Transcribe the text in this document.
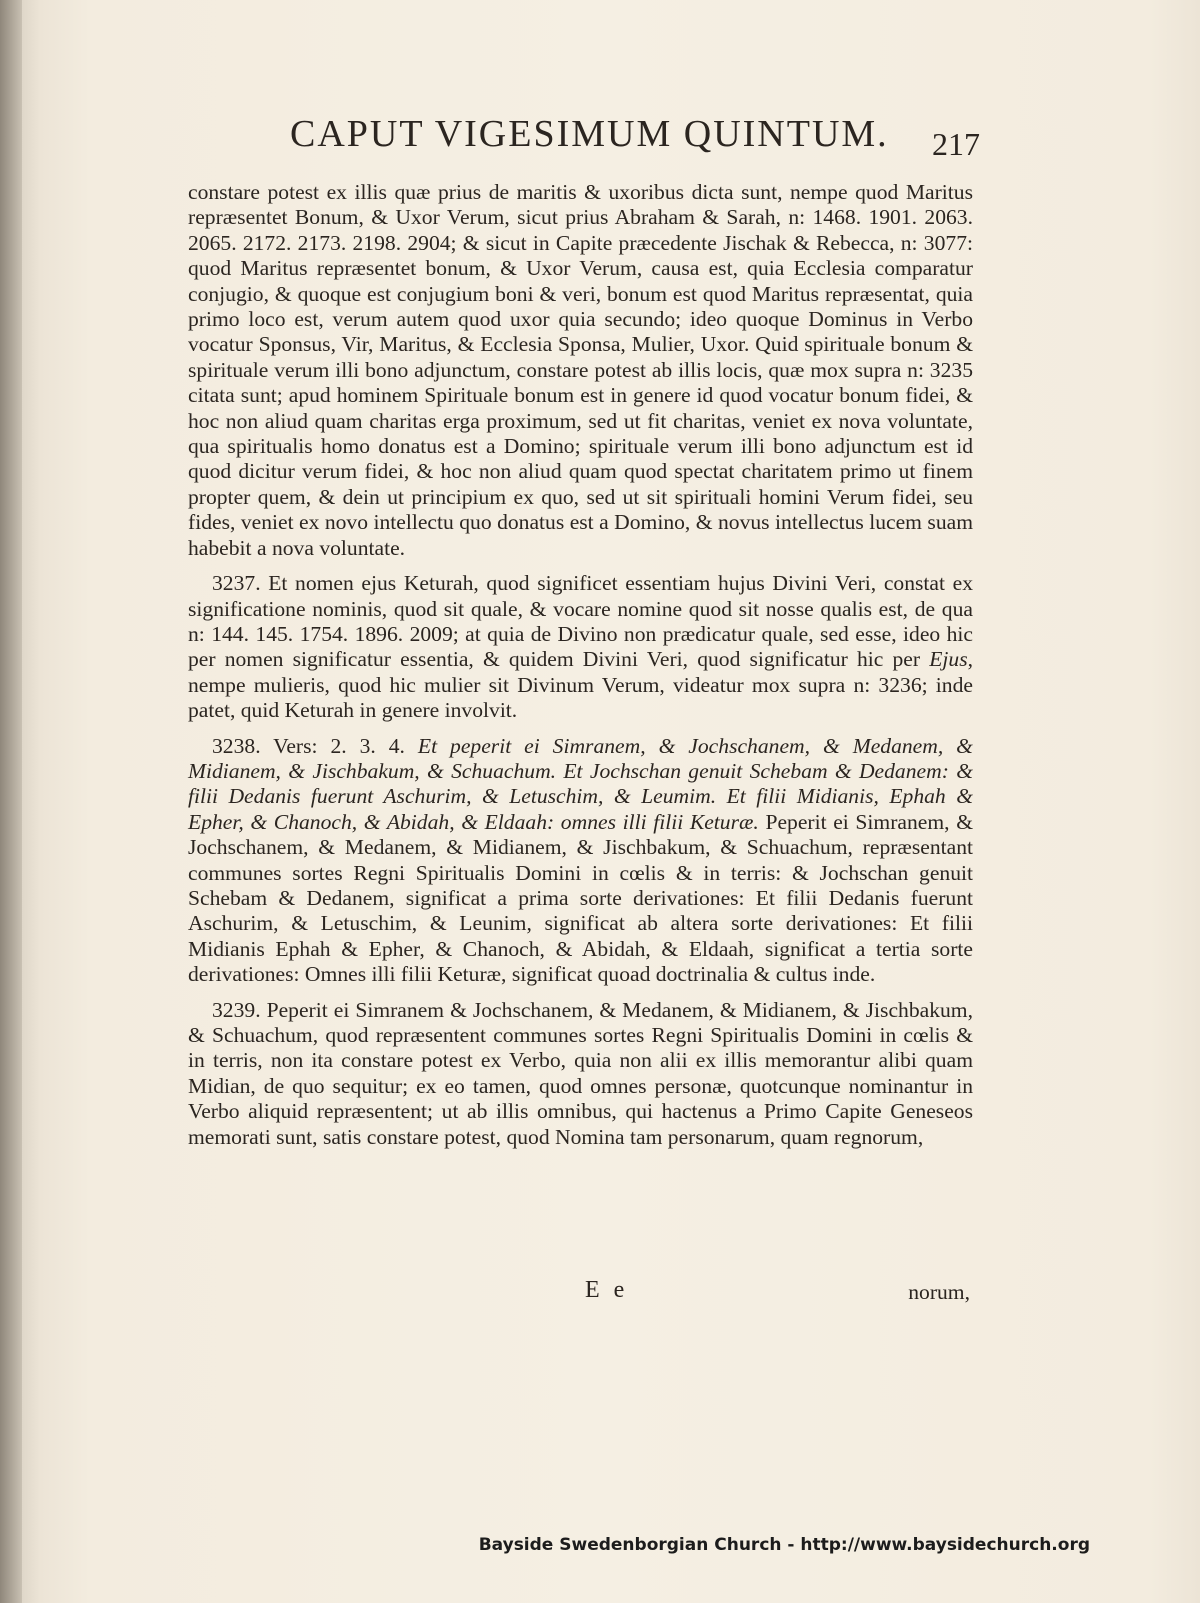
CAPUT VIGESIMUM QUINTUM. 217

constare potest ex illis quæ prius de maritis & uxoribus dicta sunt, nempe quod Maritus repræsentet Bonum, & Uxor Verum, sicut prius Abraham & Sarah, n: 1468. 1901. 2063. 2065. 2172. 2173. 2198. 2904; & sicut in Capite præcedente Jischak & Rebecca, n: 3077: quod Maritus repræsentet bonum, & Uxor Verum, causa est, quia Ecclesia comparatur conjugio, & quoque est conjugium boni & veri, bonum est quod Maritus repræsentat, quia primo loco est, verum autem quod uxor quia secundo; ideo quoque Dominus in Verbo vocatur Sponsus, Vir, Maritus, & Ecclesia Sponsa, Mulier, Uxor. Quid spirituale bonum & spirituale verum illi bono adjunctum, constare potest ab illis locis, quæ mox supra n: 3235 citata sunt; apud hominem Spirituale bonum est in genere id quod vocatur bonum fidei, & hoc non aliud quam charitas erga proximum, sed ut fit charitas, veniet ex nova voluntate, qua spiritualis homo donatus est a Domino; spirituale verum illi bono adjunctum est id quod dicitur verum fidei, & hoc non aliud quam quod spectat charitatem primo ut finem propter quem, & dein ut principium ex quo, sed ut sit spirituali homini Verum fidei, seu fides, veniet ex novo intellectu quo donatus est a Domino, & novus intellectus lucem suam habebit a nova voluntate.

3237. Et nomen ejus Keturah, quod significet essentiam hujus Divini Veri, constat ex significatione nominis, quod sit quale, & vocare nomine quod sit nosse qualis est, de qua n: 144. 145. 1754. 1896. 2009; at quia de Divino non prædicatur quale, sed esse, ideo hic per nomen significatur essentia, & quidem Divini Veri, quod significatur hic per Ejus, nempe mulieris, quod hic mulier sit Divinum Verum, videatur mox supra n: 3236; inde patet, quid Keturah in genere involvit.

3238. Vers: 2. 3. 4. Et peperit ei Simranem, & Jochschanem, & Medanem, & Midianem, & Jischbakum, & Schuachum. Et Jochschan genuit Schebam & Dedanem: & filii Dedanis fuerunt Aschurim, & Letuschim, & Leumim. Et filii Midianis, Ephah & Epher, & Chanoch, & Abidah, & Eldaah: omnes illi filii Keturæ. Peperit ei Simranem, & Jochschanem, & Medanem, & Midianem, & Jischbakum, & Schuachum, repræsentant communes sortes Regni Spiritualis Domini in cœlis & in terris: & Jochschan genuit Schebam & Dedanem, significat a prima sorte derivationes: Et filii Dedanis fuerunt Aschurim, & Letuschim, & Leunim, significat ab altera sorte derivationes: Et filii Midianis Ephah & Epher, & Chanoch, & Abidah, & Eldaah, significat a tertia sorte derivationes: Omnes illi filii Keturæ, significat quoad doctrinalia & cultus inde.

3239. Peperit ei Simranem & Jochschanem, & Medanem, & Midianem, & Jischbakum, & Schuachum, quod repræsentent communes sortes Regni Spiritualis Domini in cœlis & in terris, non ita constare potest ex Verbo, quia non alii ex illis memorantur alibi quam Midian, de quo sequitur; ex eo tamen, quod omnes personæ, quotcunque nominantur in Verbo aliquid repræsentent; ut ab illis omnibus, qui hactenus a Primo Capite Geneseos memorati sunt, satis constare potest, quod Nomina tam personarum, quam regnorum,

E e	norum,
Bayside Swedenborgian Church - http://www.baysidechurch.org
